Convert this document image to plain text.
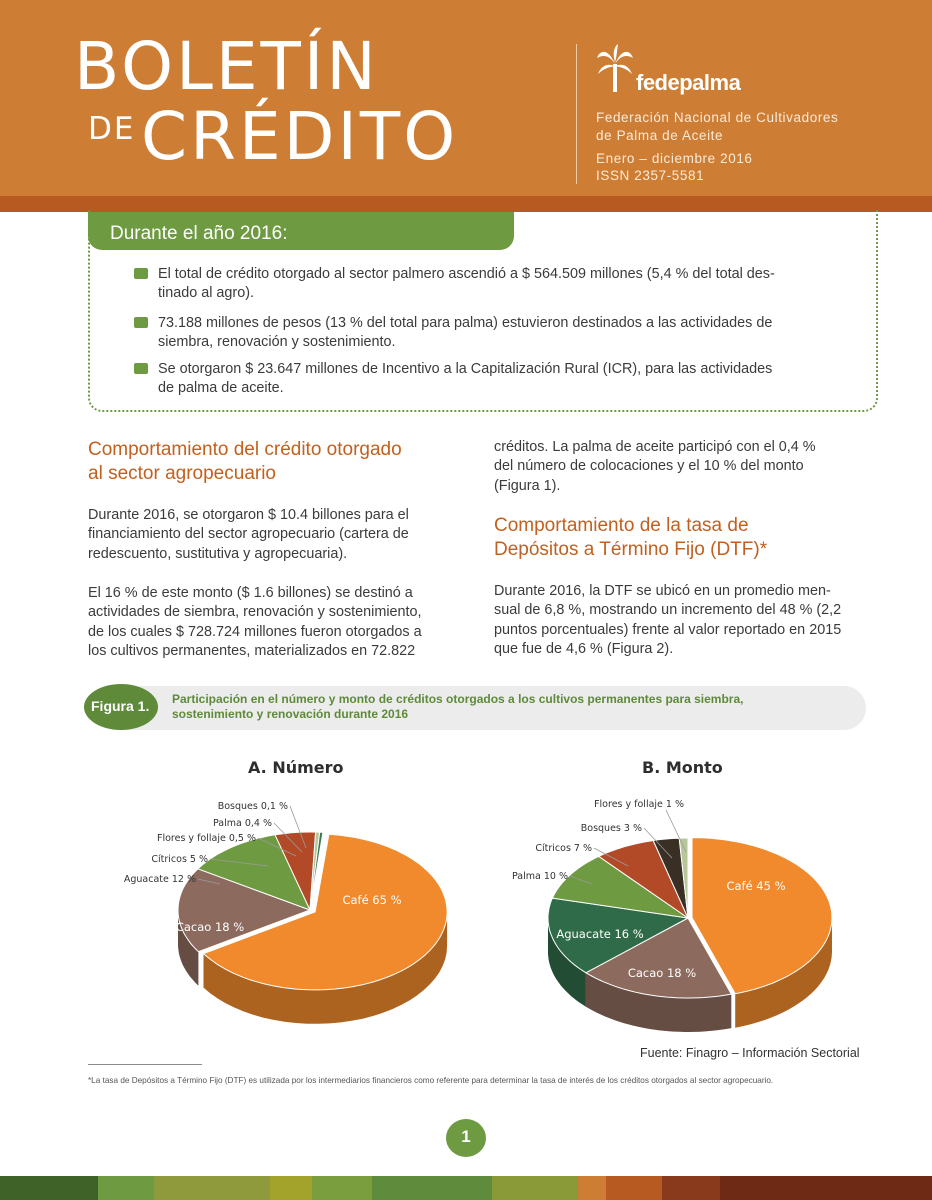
BOLETÍN
DE CRÉDITO
fedepalma
Federación Nacional de Cultivadores
de Palma de Aceite
Enero – diciembre 2016
ISSN 2357-5581
Durante el año 2016:
El total de crédito otorgado al sector palmero ascendió a $ 564.509 millones (5,4 % del total des-
tinado al agro).
73.188 millones de pesos (13 % del total para palma) estuvieron destinados a las actividades de
siembra, renovación y sostenimiento.
Se otorgaron $ 23.647 millones de Incentivo a la Capitalización Rural (ICR), para las actividades
de palma de aceite.
Comportamiento del crédito otorgado
al sector agropecuario
Durante 2016, se otorgaron $ 10.4 billones para el
financiamiento del sector agropecuario (cartera de
redescuento, sustitutiva y agropecuaria).
El 16 % de este monto ($ 1.6 billones) se destinó a
actividades de siembra, renovación y sostenimiento,
de los cuales $ 728.724 millones fueron otorgados a
los cultivos permanentes, materializados en 72.822
créditos. La palma de aceite participó con el 0,4 %
del número de colocaciones y el 10 % del monto
(Figura 1).
Comportamiento de la tasa de
Depósitos a Término Fijo (DTF)*
Durante 2016, la DTF se ubicó en un promedio men-
sual de 6,8 %, mostrando un incremento del 48 % (2,2
puntos porcentuales) frente al valor reportado en 2015
que fue de 4,6 % (Figura 2).
Figura 1. Participación en el número y monto de créditos otorgados a los cultivos permanentes para siembra,
sostenimiento y renovación durante 2016
A. Número	B. Monto
Café 65 %
Cacao 18 %
Aguacate 12 %
Cítricos 5 %
Flores y follaje 0,5 %
Palma 0,4 %
Bosques 0,1 %
Café 45 %
Cacao 18 %
Aguacate 16 %
Palma 10 %
Cítricos 7 %
Bosques 3 %
Flores y follaje 1 %
Fuente: Finagro – Información Sectorial
*La tasa de Depósitos a Término Fijo (DTF) es utilizada por los intermediarios financieros como referente para determinar la tasa de interés de los créditos otorgados al sector agropecuario.
1
